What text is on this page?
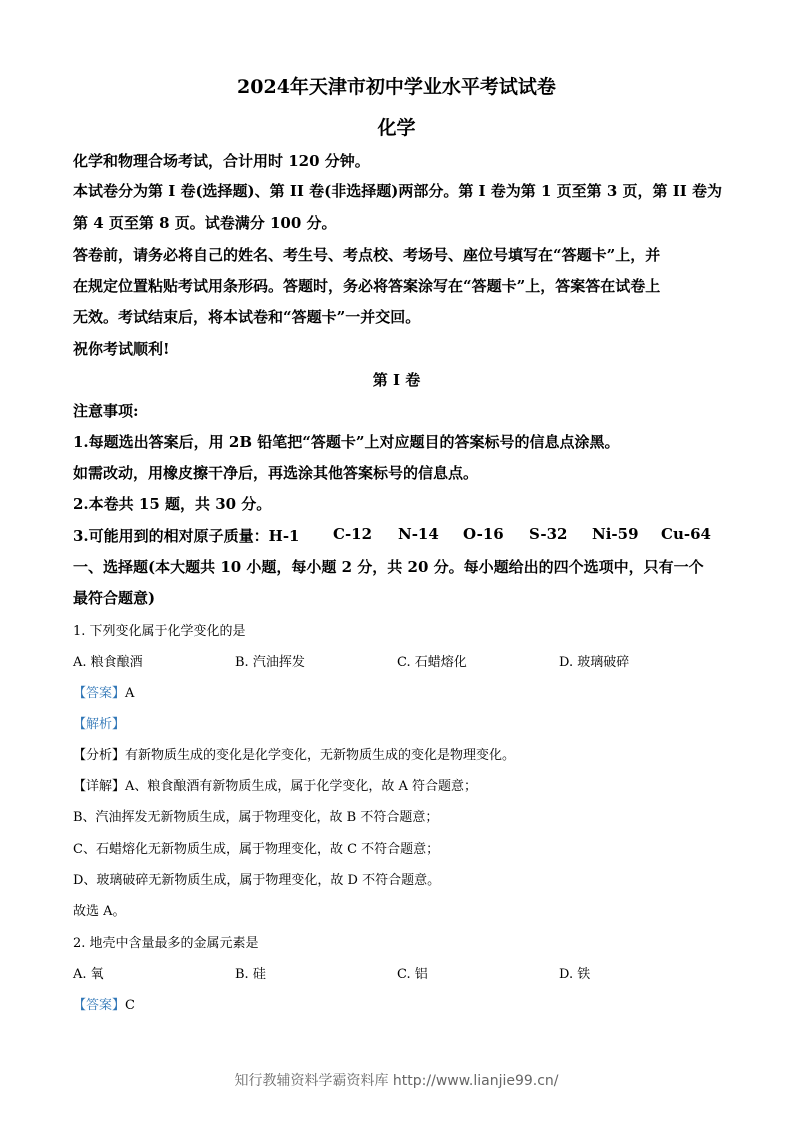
2024年天津市初中学业水平考试试卷
化学
化学和物理合场考试，合计用时 120 分钟。
本试卷分为第 I 卷(选择题)、第 II 卷(非选择题)两部分。第 I 卷为第 1 页至第 3 页，第 II 卷为
第 4 页至第 8 页。试卷满分 100 分。
答卷前，请务必将自己的姓名、考生号、考点校、考场号、座位号填写在“答题卡”上，并
在规定位置粘贴考试用条形码。答题时，务必将答案涂写在“答题卡”上，答案答在试卷上
无效。考试结束后，将本试卷和“答题卡”一并交回。
祝你考试顺利!
第 I 卷
注意事项:
1.每题选出答案后，用 2B 铅笔把“答题卡”上对应题目的答案标号的信息点涂黑。
如需改动，用橡皮擦干净后，再选涂其他答案标号的信息点。
2.本卷共 15 题，共 30 分。
3.可能用到的相对原子质量：H-1 C-12 N-14 O-16 S-32 Ni-59 Cu-64
一、选择题(本大题共 10 小题，每小题 2 分，共 20 分。每小题给出的四个选项中，只有一个
最符合题意)
1. 下列变化属于化学变化的是
A. 粮食酿酒	B. 汽油挥发	C. 石蜡熔化	D. 玻璃破碎
【答案】A
【解析】
【分析】有新物质生成的变化是化学变化，无新物质生成的变化是物理变化。
【详解】A、粮食酿酒有新物质生成，属于化学变化，故 A 符合题意；
B、汽油挥发无新物质生成，属于物理变化，故 B 不符合题意；
C、石蜡熔化无新物质生成，属于物理变化，故 C 不符合题意；
D、玻璃破碎无新物质生成，属于物理变化，故 D 不符合题意。
故选 A。
2. 地壳中含量最多的金属元素是
A. 氧	B. 硅	C. 铝	D. 铁
【答案】C
知行教辅资料学霸资料库 http://www.lianjie99.cn/
